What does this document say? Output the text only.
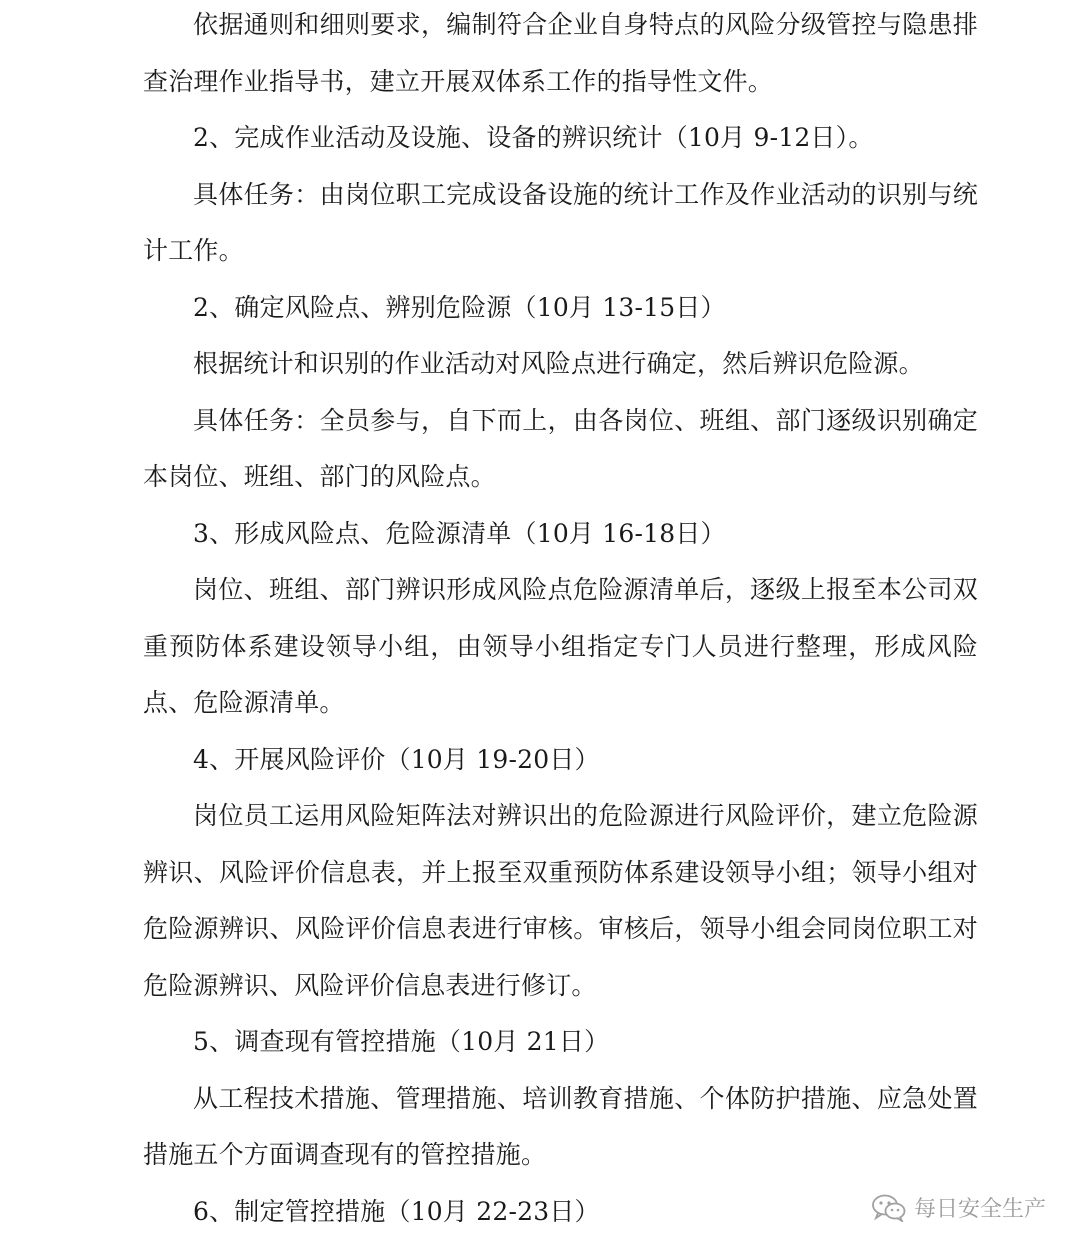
依据通则和细则要求，编制符合企业自身特点的风险分级管控与隐患排查治理作业指导书，建立开展双体系工作的指导性文件。

2、完成作业活动及设施、设备的辨识统计（10月 9-12日）。

具体任务：由岗位职工完成设备设施的统计工作及作业活动的识别与统计工作。

2、确定风险点、辨别危险源（10月 13-15日）

根据统计和识别的作业活动对风险点进行确定，然后辨识危险源。

具体任务：全员参与，自下而上，由各岗位、班组、部门逐级识别确定本岗位、班组、部门的风险点。

3、形成风险点、危险源清单（10月 16-18日）

岗位、班组、部门辨识形成风险点危险源清单后，逐级上报至本公司双重预防体系建设领导小组，由领导小组指定专门人员进行整理，形成风险点、危险源清单。

4、开展风险评价（10月 19-20日）

岗位员工运用风险矩阵法对辨识出的危险源进行风险评价，建立危险源辨识、风险评价信息表，并上报至双重预防体系建设领导小组；领导小组对危险源辨识、风险评价信息表进行审核。审核后，领导小组会同岗位职工对危险源辨识、风险评价信息表进行修订。

5、调查现有管控措施（10月 21日）

从工程技术措施、管理措施、培训教育措施、个体防护措施、应急处置措施五个方面调查现有的管控措施。

6、制定管控措施（10月 22-23日）	每日安全生产
